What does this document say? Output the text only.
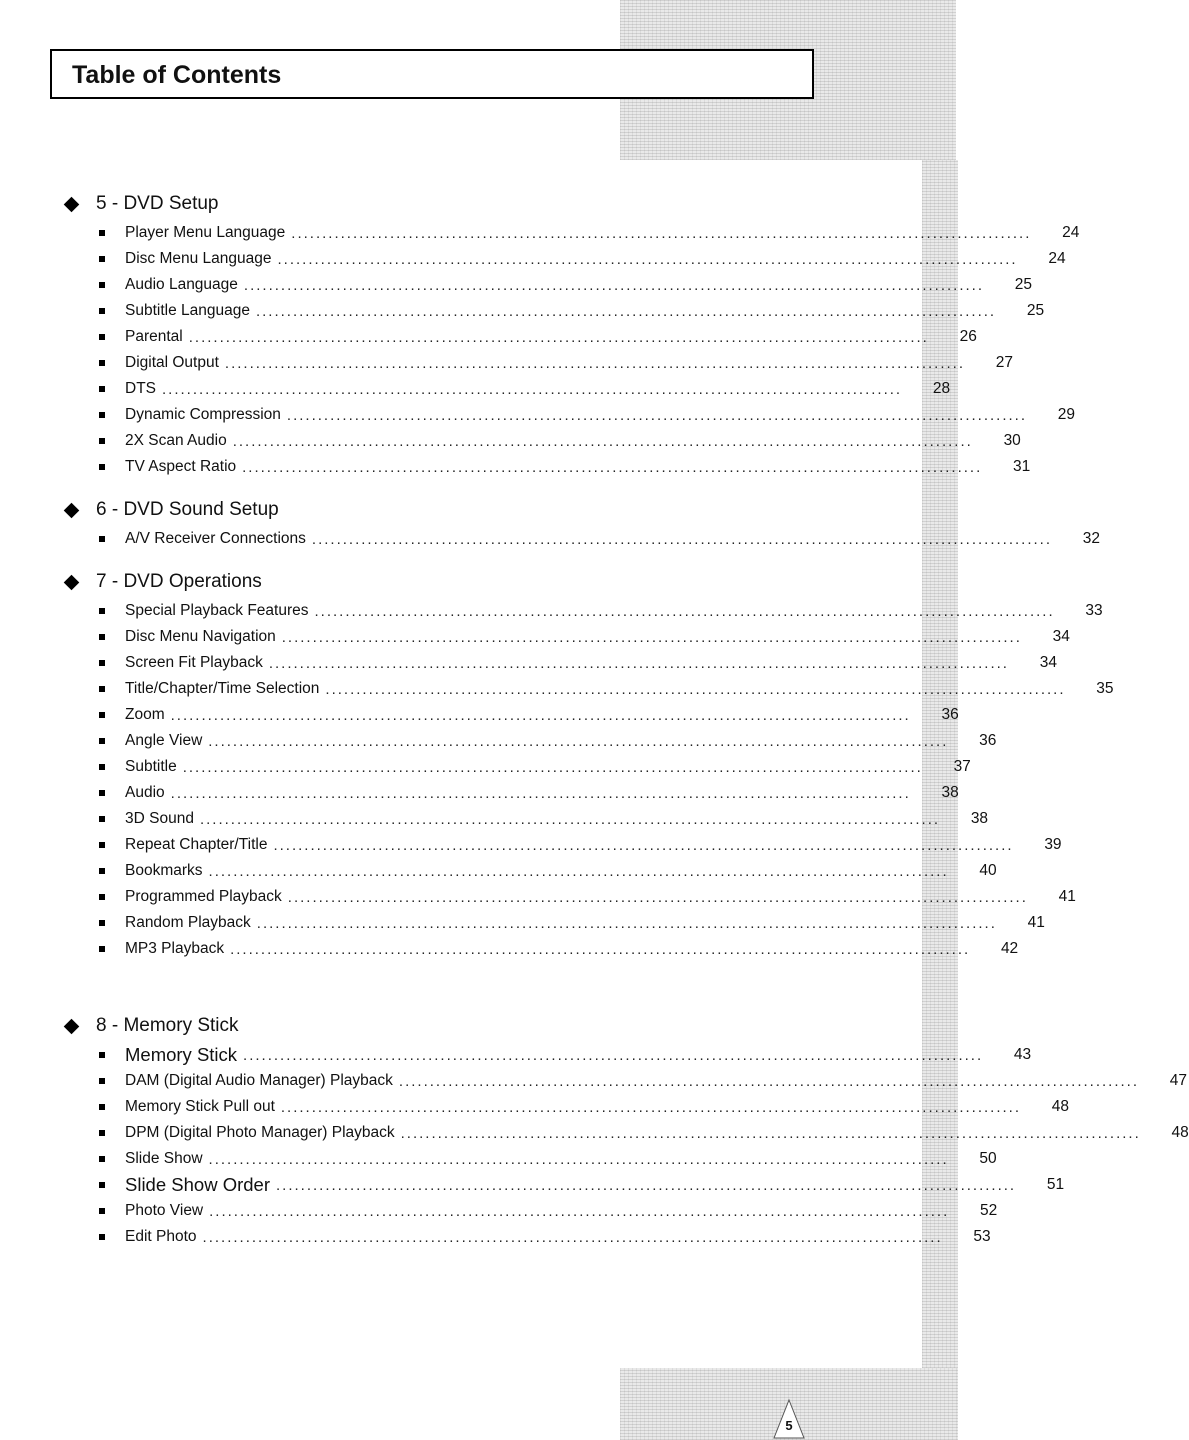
Table of Contents
5 - DVD Setup
Player Menu Language ........................................................................................................................	24
Disc Menu Language ........................................................................................................................	24
Audio Language ........................................................................................................................	25
Subtitle Language ........................................................................................................................	25
Parental ........................................................................................................................	26
Digital Output ........................................................................................................................	27
DTS ........................................................................................................................	28
Dynamic Compression ........................................................................................................................	29
2X Scan Audio ........................................................................................................................	30
TV Aspect Ratio ........................................................................................................................	31
6 - DVD Sound Setup
A/V Receiver Connections ........................................................................................................................	32
7 - DVD Operations
Special Playback Features ........................................................................................................................	33
Disc Menu Navigation ........................................................................................................................	34
Screen Fit Playback ........................................................................................................................	34
Title/Chapter/Time Selection ........................................................................................................................	35
Zoom ........................................................................................................................	36
Angle View ........................................................................................................................	36
Subtitle ........................................................................................................................	37
Audio ........................................................................................................................	38
3D Sound ........................................................................................................................	38
Repeat Chapter/Title ........................................................................................................................	39
Bookmarks ........................................................................................................................	40
Programmed Playback ........................................................................................................................	41
Random Playback ........................................................................................................................	41
MP3 Playback ........................................................................................................................	42
8 - Memory Stick
Memory Stick ........................................................................................................................	43
DAM (Digital Audio Manager) Playback ........................................................................................................................	47
Memory Stick Pull out ........................................................................................................................	48
DPM (Digital Photo Manager) Playback ........................................................................................................................	48
Slide Show ........................................................................................................................	50
Slide Show Order ........................................................................................................................	51
Photo View ........................................................................................................................	52
Edit Photo ........................................................................................................................	53
5
